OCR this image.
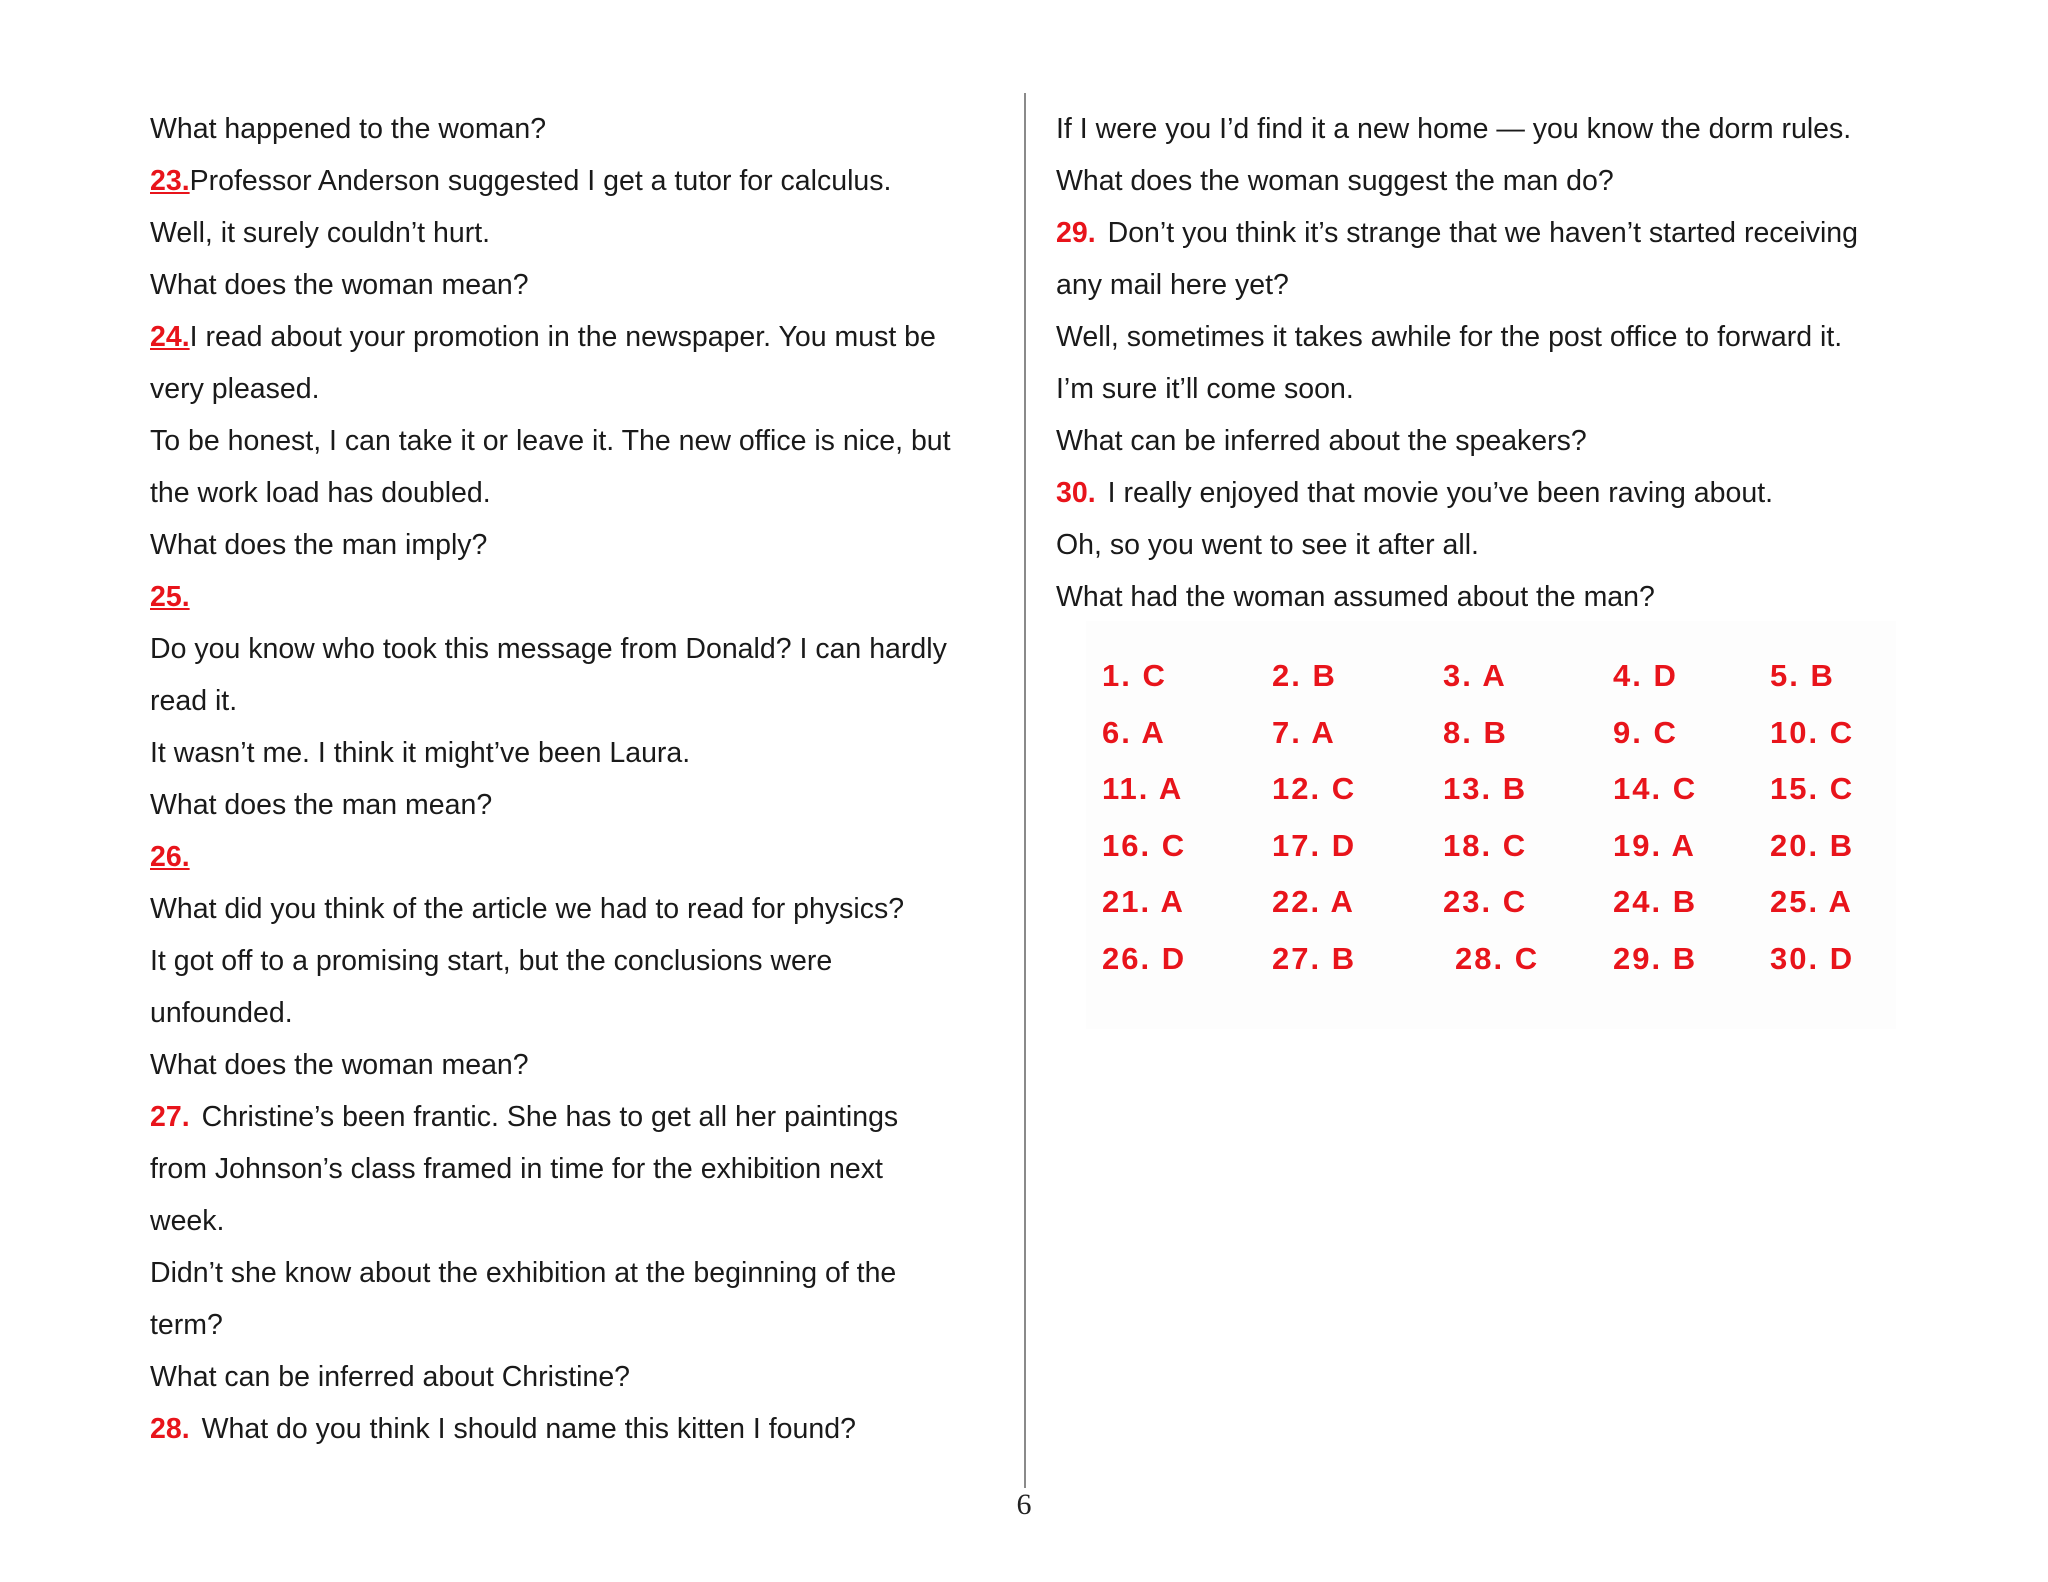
What happened to the woman?
23.Professor Anderson suggested I get a tutor for calculus.
Well, it surely couldn’t hurt.
What does the woman mean?
24.I read about your promotion in the newspaper. You must be
very pleased.
To be honest, I can take it or leave it. The new office is nice, but
the work load has doubled.
What does the man imply?
25.
Do you know who took this message from Donald? I can hardly
read it.
It wasn’t me. I think it might’ve been Laura.
What does the man mean?
26.
What did you think of the article we had to read for physics?
It got off to a promising start, but the conclusions were
unfounded.
What does the woman mean?
27. Christine’s been frantic. She has to get all her paintings
from Johnson’s class framed in time for the exhibition next
week.
Didn’t she know about the exhibition at the beginning of the
term?
What can be inferred about Christine?
28. What do you think I should name this kitten I found?
If I were you I’d find it a new home — you know the dorm rules.
What does the woman suggest the man do?
29. Don’t you think it’s strange that we haven’t started receiving
any mail here yet?
Well, sometimes it takes awhile for the post office to forward it.
I’m sure it’ll come soon.
What can be inferred about the speakers?
30. I really enjoyed that movie you’ve been raving about.
Oh, so you went to see it after all.
What had the woman assumed about the man?
1. C	2. B	3. A	4. D	5. B
6. A	7. A	8. B	9. C	10. C
11. A	12. C	13. B	14. C 15. C
16. C	17. D	18. C	19. A 20. B
21. A	22. A	23. C	24. B 25. A
26. D	27. B	28. C 29. B 30. D
6
